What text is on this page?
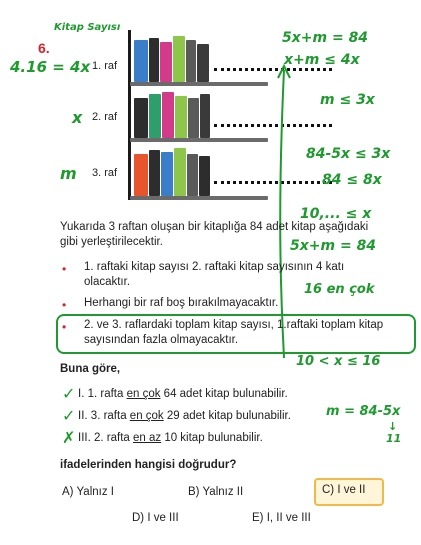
6.
Kitap Sayısı
4.16 = 4x
x
m
1. raf
2. raf
3. raf
5x+m = 84
x+m ≤ 4x
m ≤ 3x
84-5x ≤ 3x
84 ≤ 8x
10,... ≤ x
5x+m = 84
16 en çok
10 < x ≤ 16
m = 84-5x
↓
11
Yukarıda 3 raftan oluşan bir kitaplığa 84 adet kitap aşağıdaki gibi yerleştirilecektir.
• 1. raftaki kitap sayısı 2. raftaki kitap sayısının 4 katı olacaktır.
• Herhangi bir raf boş bırakılmayacaktır.
• 2. ve 3. raflardaki toplam kitap sayısı, 1.raftaki toplam kitap sayısından fazla olmayacaktır.
Buna göre,
✓ I. 1. rafta en çok 64 adet kitap bulunabilir.
✓ II. 3. rafta en çok 29 adet kitap bulunabilir.
✗ III. 2. rafta en az 10 kitap bulunabilir.
ifadelerinden hangisi doğrudur?
A) Yalnız I	B) Yalnız II	C) I ve II
D) I ve III	E) I, II ve III
